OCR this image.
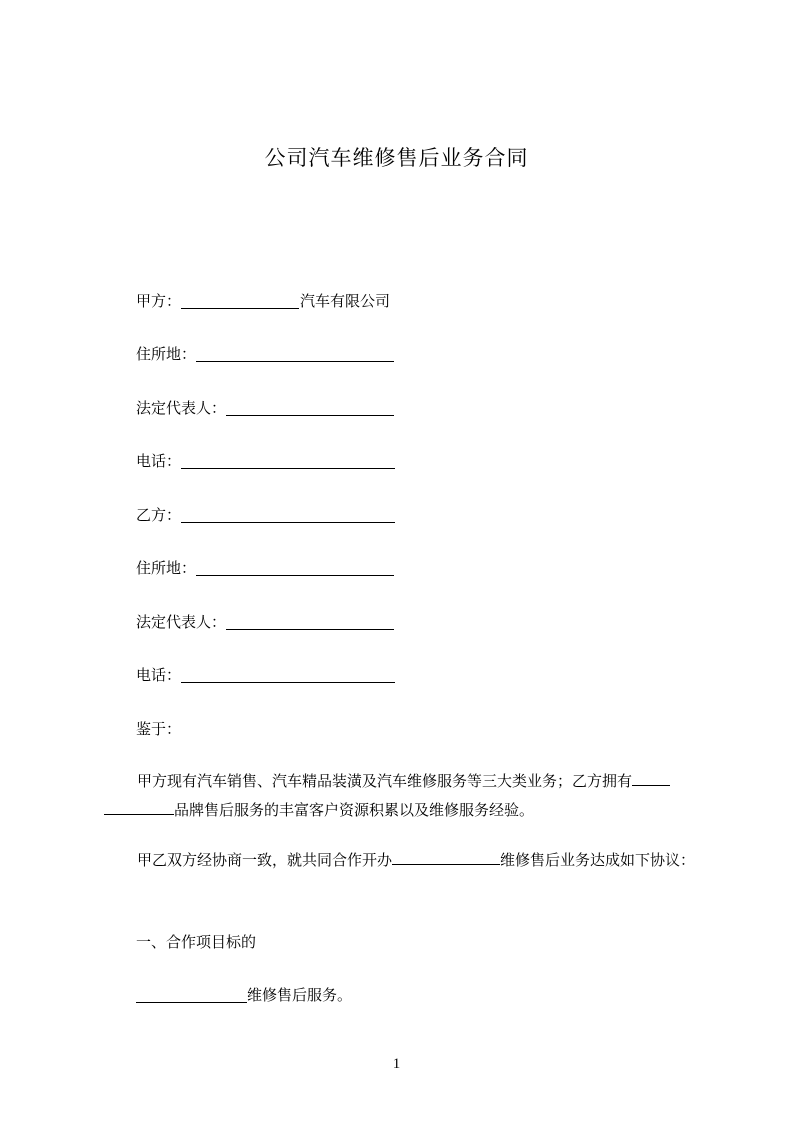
公司汽车维修售后业务合同
甲方：	汽车有限公司
住所地：
法定代表人：
电话：
乙方：
住所地：
法定代表人：
电话：
鉴于：
甲方现有汽车销售、汽车精品装潢及汽车维修服务等三大类业务；乙方拥有
品牌售后服务的丰富客户资源积累以及维修服务经验。
甲乙双方经协商一致，就共同合作开办	维修售后业务达成如下协议：
一、合作项目标的
维修售后服务。
1
